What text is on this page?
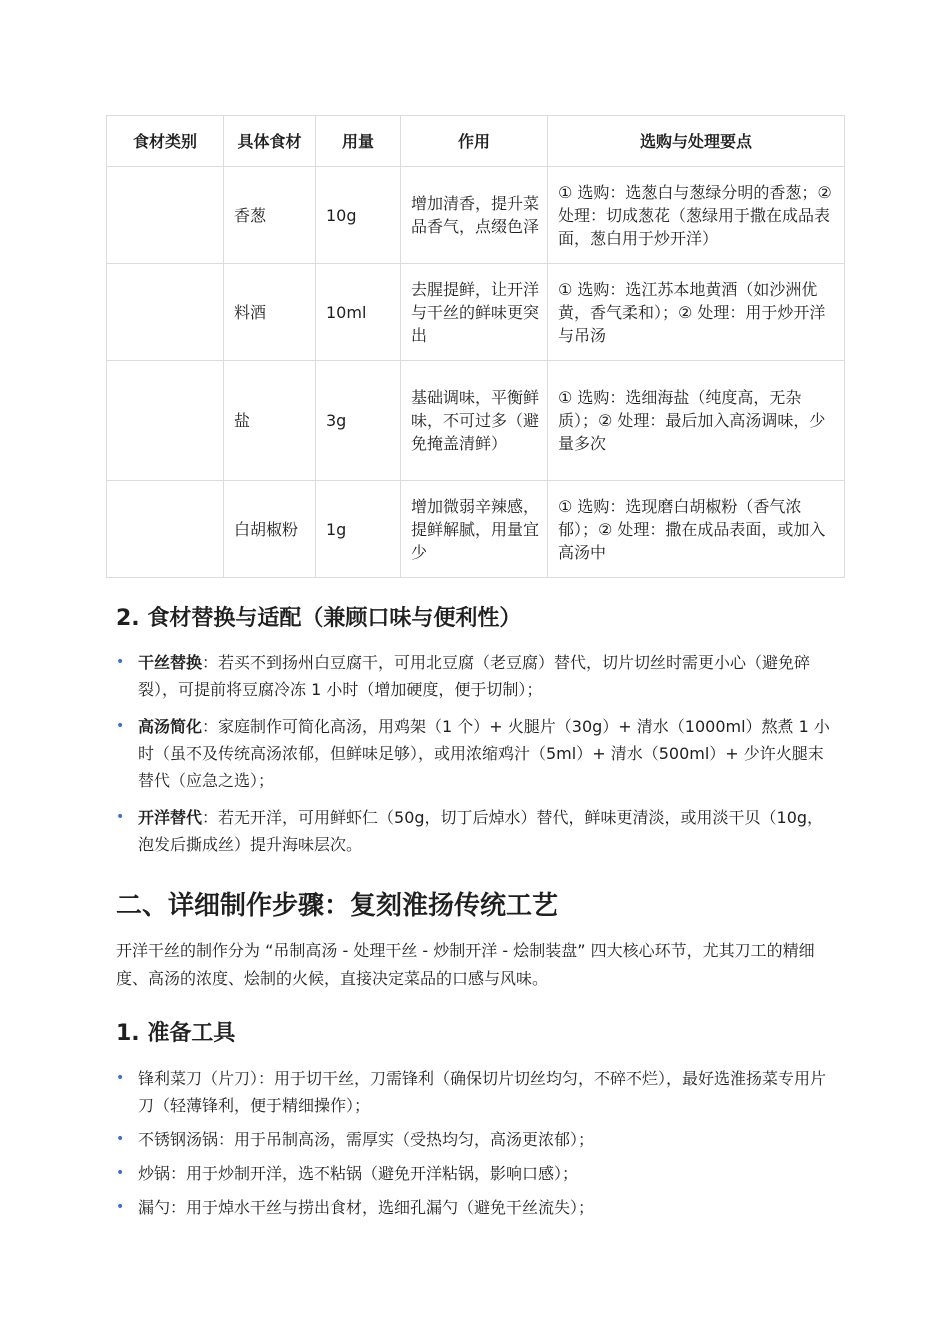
食材类别	具体食材	用量	作用	选购与处理要点
	香葱	10g	增加清香，提升菜品香气，点缀色泽	① 选购：选葱白与葱绿分明的香葱；② 处理：切成葱花（葱绿用于撒在成品表面，葱白用于炒开洋）
	料酒	10ml	去腥提鲜，让开洋与干丝的鲜味更突出	① 选购：选江苏本地黄酒（如沙洲优黄，香气柔和）；② 处理：用于炒开洋与吊汤
	盐	3g	基础调味，平衡鲜味，不可过多（避免掩盖清鲜）	① 选购：选细海盐（纯度高，无杂质）；② 处理：最后加入高汤调味，少量多次
	白胡椒粉	1g	增加微弱辛辣感，提鲜解腻，用量宜少	① 选购：选现磨白胡椒粉（香气浓郁）；② 处理：撒在成品表面，或加入高汤中
2. 食材替换与适配（兼顾口味与便利性）
• 干丝替换：若买不到扬州白豆腐干，可用北豆腐（老豆腐）替代，切片切丝时需更小心（避免碎裂），可提前将豆腐冷冻 1 小时（增加硬度，便于切制）；
• 高汤简化：家庭制作可简化高汤，用鸡架（1 个）+ 火腿片（30g）+ 清水（1000ml）熬煮 1 小时（虽不及传统高汤浓郁，但鲜味足够），或用浓缩鸡汁（5ml）+ 清水（500ml）+ 少许火腿末替代（应急之选）；
• 开洋替代：若无开洋，可用鲜虾仁（50g，切丁后焯水）替代，鲜味更清淡，或用淡干贝（10g，泡发后撕成丝）提升海味层次。
二、详细制作步骤：复刻淮扬传统工艺

开洋干丝的制作分为 “吊制高汤 - 处理干丝 - 炒制开洋 - 烩制装盘” 四大核心环节，尤其刀工的精细度、高汤的浓度、烩制的火候，直接决定菜品的口感与风味。

1. 准备工具
• 锋利菜刀（片刀）：用于切干丝，刀需锋利（确保切片切丝均匀，不碎不烂），最好选淮扬菜专用片刀（轻薄锋利，便于精细操作）；
• 不锈钢汤锅：用于吊制高汤，需厚实（受热均匀，高汤更浓郁）；
• 炒锅：用于炒制开洋，选不粘锅（避免开洋粘锅，影响口感）；
• 漏勺：用于焯水干丝与捞出食材，选细孔漏勺（避免干丝流失）；
